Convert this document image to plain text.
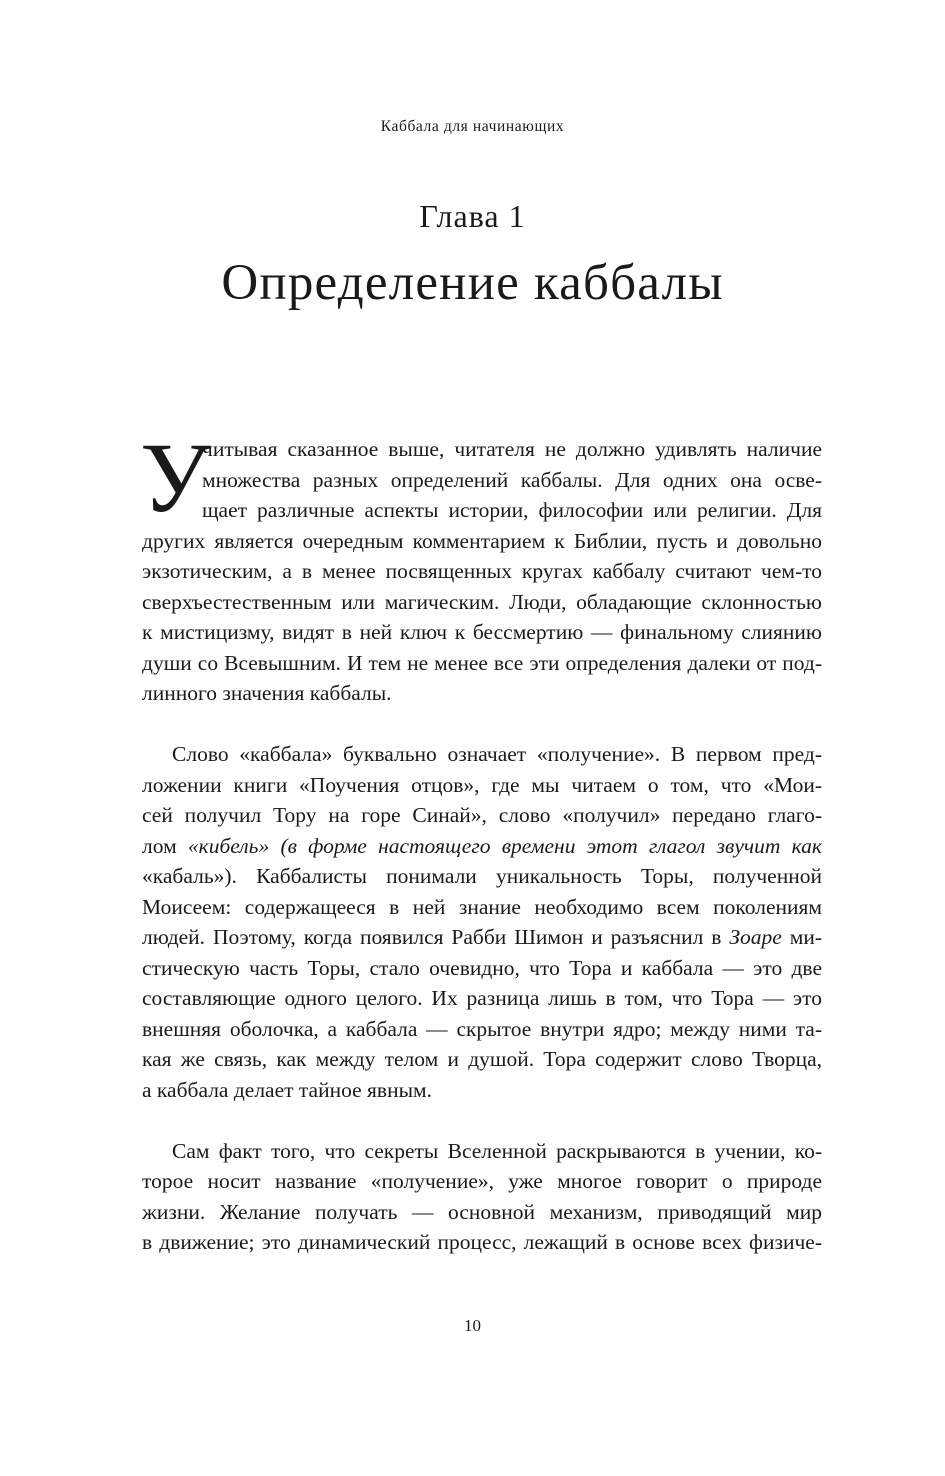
Каббала для начинающих
Глава 1
Определение каббалы
У
читывая сказанное выше, читателя не должно удивлять наличие
множества разных определений каббалы. Для одних она осве-
щает различные аспекты истории, философии или религии. Для
других является очередным комментарием к Библии, пусть и довольно
экзотическим, а в менее посвященных кругах каббалу считают чем-то
сверхъестественным или магическим. Люди, обладающие склонностью
к мистицизму, видят в ней ключ к бессмертию — финальному слиянию
души со Всевышним. И тем не менее все эти определения далеки от под-
линного значения каббалы.
Слово «каббала» буквально означает «получение». В первом пред-
ложении книги «Поучения отцов», где мы читаем о том, что «Мои-
сей получил Тору на горе Синай», слово «получил» передано глаго-
лом «кибель» (в форме настоящего времени этот глагол звучит как
«кабаль»). Каббалисты понимали уникальность Торы, полученной
Моисеем: содержащееся в ней знание необходимо всем поколениям
людей. Поэтому, когда появился Рабби Шимон и разъяснил в Зоаре ми-
стическую часть Торы, стало очевидно, что Тора и каббала — это две
составляющие одного целого. Их разница лишь в том, что Тора — это
внешняя оболочка, а каббала — скрытое внутри ядро; между ними та-
кая же связь, как между телом и душой. Тора содержит слово Творца,
а каббала делает тайное явным.
Сам факт того, что секреты Вселенной раскрываются в учении, ко-
торое носит название «получение», уже многое говорит о природе
жизни. Желание получать — основной механизм, приводящий мир
в движение; это динамический процесс, лежащий в основе всех физиче-
10
